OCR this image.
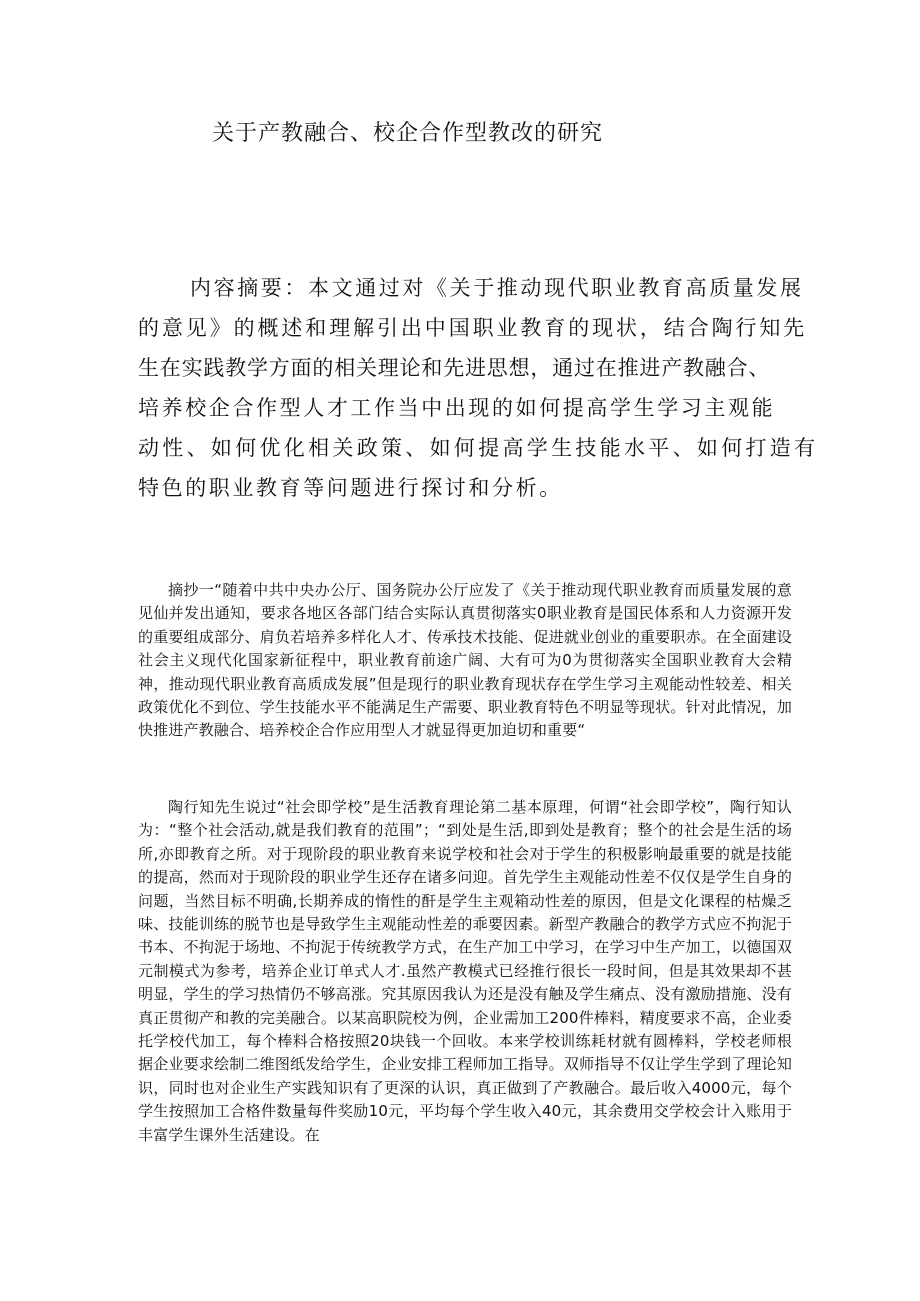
关于产教融合、校企合作型教改的研究
内容摘要：本文通过对《关于推动现代职业教育高质量发展
的意见》的概述和理解引出中国职业教育的现状，结合陶行知先
生在实践教学方面的相关理论和先进思想，通过在推进产教融合、
培养校企合作型人才工作当中出现的如何提高学生学习主观能
动性、如何优化相关政策、如何提高学生技能水平、如何打造有
特色的职业教育等问题进行探讨和分析。

摘抄一“随着中共中央办公厅、国务院办公厅应发了《关于推动现代职业教育而质量发展的意见仙并发出通知，要求各地区各部门结合实际认真贯彻落实0职业教育是国民体系和人力资源开发的重要组成部分、肩负若培养多样化人才、传承技术技能、促进就业创业的重要职赤。在全面建设社会主义现代化国家新征程中，职业教育前途广阔、大有可为0为贯彻落实全国职业教育大会精神，推动现代职业教育高质成发展”但是现行的职业教育现状存在学生学习主观能动性较差、相关政策优化不到位、学生技能水平不能满足生产需要、职业教育特色不明显等现状。针对此情况，加快推进产教融合、培养校企合作应用型人才就显得更加迫切和重要“

陶行知先生说过“社会即学校”是生活教育理论第二基本原理，何谓“社会即学校”，陶行知认为：“整个社会活动,就是我们教育的范围”；“到处是生活,即到处是教育；整个的社会是生活的场所,亦即教育之所。对于现阶段的职业教育来说学校和社会对于学生的积极影响最重要的就是技能的提高，然而对于现阶段的职业学生还存在诸多问迎。首先学生主观能动性差不仅仅是学生自身的问题，当然目标不明确,长期养成的惰性的酐是学生主观箱动性差的原因，但是文化课程的枯燥乏味、技能训练的脱节也是导致学生主观能动性差的乖要因素。新型产教融合的教学方式应不拘泥于书本、不拘泥于场地、不拘泥于传统教学方式，在生产加工中学习，在学习中生产加工，以德国双元制模式为参考，培养企业订单式人才.虽然产教模式已经推行很长一段时间，但是其效果却不甚明显，学生的学习热情仍不够高涨。究其原因我认为还是没有触及学生痛点、没有激励措施、没有真正贯彻产和教的完美融合。以某高职院校为例，企业需加工200件棒料，精度要求不高，企业委托学校代加工，每个棒料合格按照20块钱一个回收。本来学校训练耗材就有圆棒料，学校老师根据企业要求绘制二维图纸发给学生，企业安排工程师加工指导。双师指导不仅让学生学到了理论知识，同时也对企业生产实践知识有了更深的认识，真正做到了产教融合。最后收入4000元，每个学生按照加工合格件数量每件奖励10元，平均每个学生收入40元，其余费用交学校会计入账用于丰富学生课外生活建设。在
